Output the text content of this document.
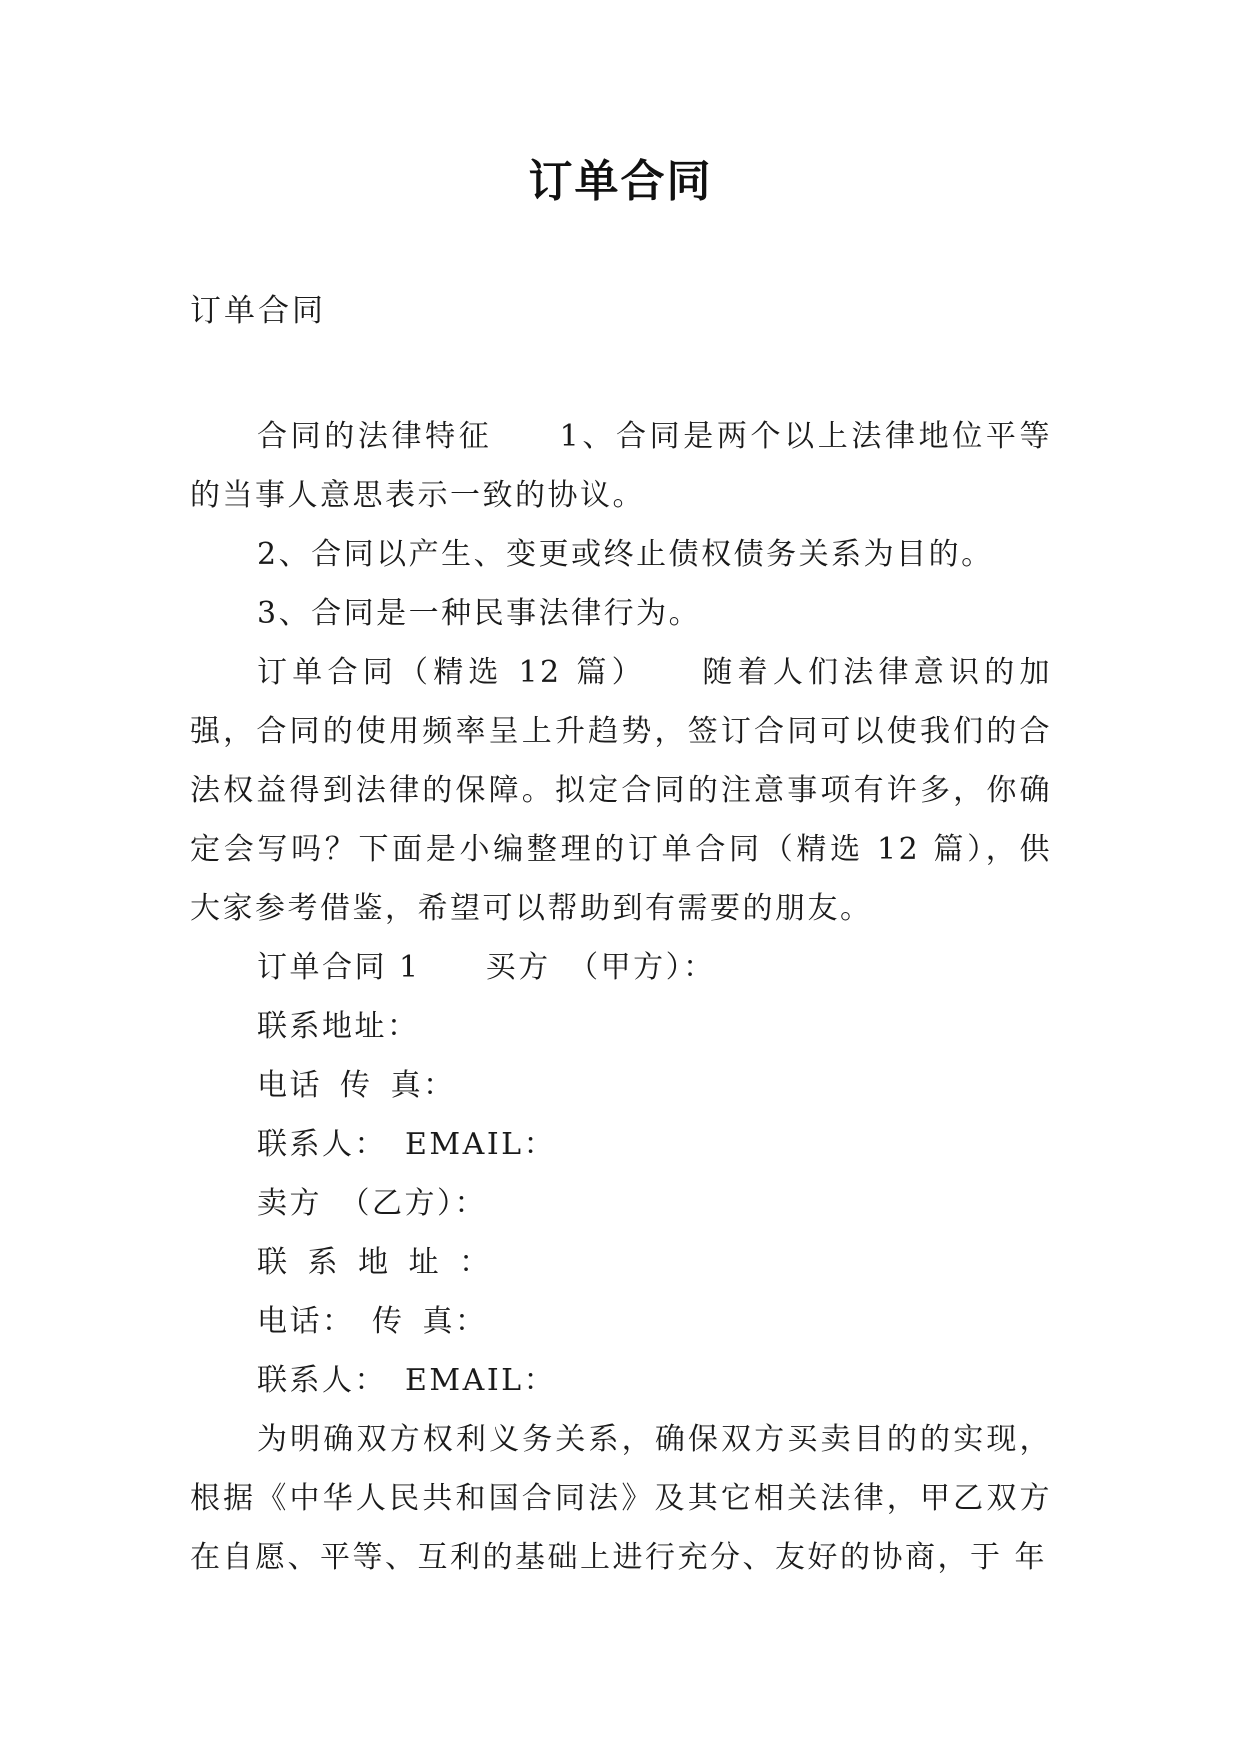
订单合同
订单合同

合同的法律特征　　1、合同是两个以上法律地位平等的当事人意思表示一致的协议。

2、合同以产生、变更或终止债权债务关系为目的。

3、合同是一种民事法律行为。

订单合同（精选 12 篇）　　随着人们法律意识的加强，合同的使用频率呈上升趋势，签订合同可以使我们的合法权益得到法律的保障。拟定合同的注意事项有许多，你确定会写吗？下面是小编整理的订单合同（精选 12 篇），供大家参考借鉴，希望可以帮助到有需要的朋友。

订单合同 1　　买方　（甲方）：

联系地址：

电话 传 真：

联系人： EMAIL：

卖方　（乙方）：

联 系 地 址 ：

电话：　传 真：

联系人： EMAIL：

为明确双方权利义务关系，确保双方买卖目的的实现，根据《中华人民共和国合同法》及其它相关法律，甲乙双方在自愿、平等、互利的基础上进行充分、友好的协商，于 年
